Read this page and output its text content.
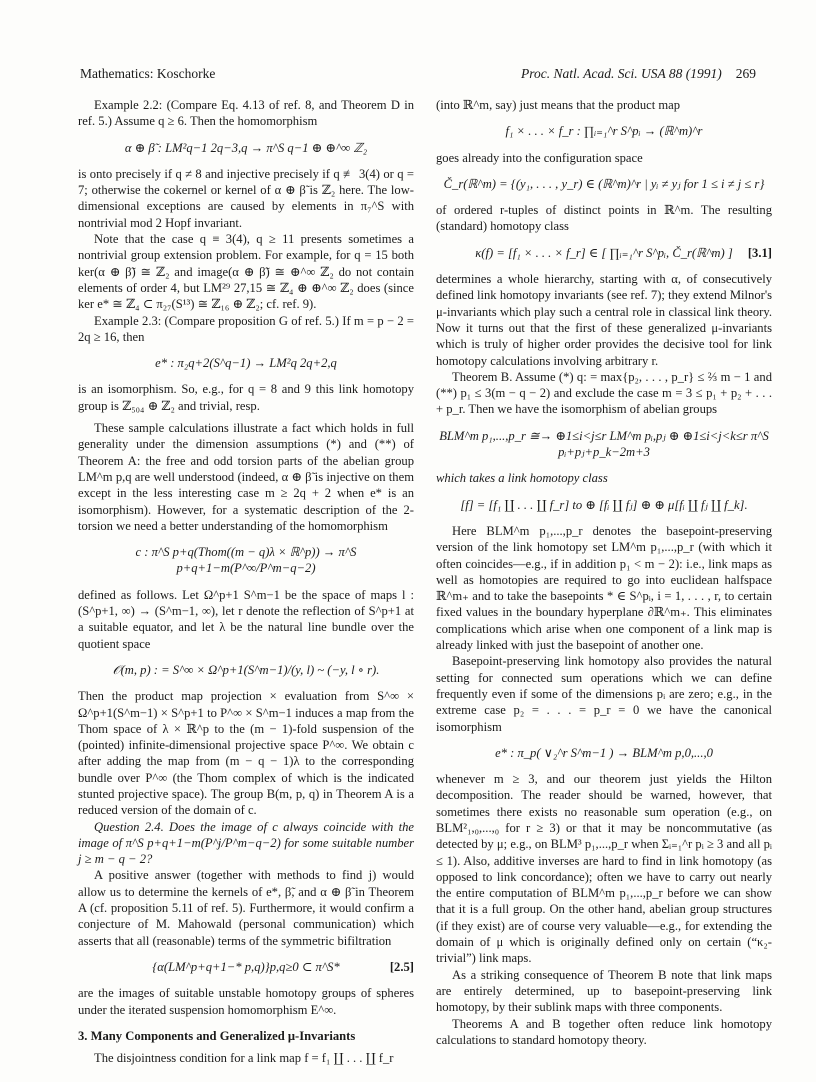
Mathematics: Koschorke	Proc. Natl. Acad. Sci. USA 88 (1991) 269

Example 2.2: (Compare Eq. 4.13 of ref. 8, and Theorem D in ref. 5.) Assume q ≥ 6. Then the homomorphism

α ⊕ β̃ : LM²q−1 2q−3,q → π^S q−1 ⊕ ⊕^∞ ℤ₂

is onto precisely if q ≠ 8 and injective precisely if q ≢ 3(4) or q = 7; otherwise the cokernel or kernel of α ⊕ β̃ is ℤ₂ here. The low-dimensional exceptions are caused by elements in π₇^S with nontrivial mod 2 Hopf invariant.

Note that the case q ≡ 3(4), q ≥ 11 presents sometimes a nontrivial group extension problem. For example, for q = 15 both ker(α ⊕ β̃) ≅ ℤ₂ and image(α ⊕ β̃) ≅ ⊕^∞ ℤ₂ do not contain elements of order 4, but LM²⁹ 27,15 ≅ ℤ₄ ⊕ ⊕^∞ ℤ₂ does (since ker e* ≅ ℤ₄ ⊂ π₂₇(S¹³) ≅ ℤ₁₆ ⊕ ℤ₂; cf. ref. 9).

Example 2.3: (Compare proposition G of ref. 5.) If m = p − 2 = 2q ≥ 16, then

e* : π₂q+2(S^q−1) → LM²q 2q+2,q

is an isomorphism. So, e.g., for q = 8 and 9 this link homotopy group is ℤ₅₀₄ ⊕ ℤ₂ and trivial, resp.

These sample calculations illustrate a fact which holds in full generality under the dimension assumptions (*) and (**) of Theorem A: the free and odd torsion parts of the abelian group LM^m p,q are well understood (indeed, α ⊕ β̃ is injective on them except in the less interesting case m ≥ 2q + 2 when e* is an isomorphism). However, for a systematic description of the 2-torsion we need a better understanding of the homomorphism

c : π^S p+q(Thom((m − q)λ × ℝ^p)) → π^S p+q+1−m(P^∞/P^m−q−2)

defined as follows. Let Ω^p+1 S^m−1 be the space of maps l : (S^p+1, ∞) → (S^m−1, ∞), let r denote the reflection of S^p+1 at a suitable equator, and let λ be the natural line bundle over the quotient space

𝒪(m, p) : = S^∞ × Ω^p+1(S^m−1)/(y, l) ~ (−y, l ∘ r).

Then the product map projection × evaluation from S^∞ × Ω^p+1(S^m−1) × S^p+1 to P^∞ × S^m−1 induces a map from the Thom space of λ × ℝ^p to the (m − 1)-fold suspension of the (pointed) infinite-dimensional projective space P^∞. We obtain c after adding the map from (m − q − 1)λ to the corresponding bundle over P^∞ (the Thom complex of which is the indicated stunted projective space). The group B(m, p, q) in Theorem A is a reduced version of the domain of c.

Question 2.4. Does the image of c always coincide with the image of π^S p+q+1−m(P^j/P^m−q−2) for some suitable number j ≥ m − q − 2?

A positive answer (together with methods to find j) would allow us to determine the kernels of e*, β̃, and α ⊕ β̃ in Theorem A (cf. proposition 5.11 of ref. 5). Furthermore, it would confirm a conjecture of M. Mahowald (personal communication) which asserts that all (reasonable) terms of the symmetric bifiltration

{α(LM^p+q+1−* p,q)}p,q≥0 ⊂ π^S*	[2.5]

are the images of suitable unstable homotopy groups of spheres under the iterated suspension homomorphism E^∞.

3. Many Components and Generalized μ-Invariants

The disjointness condition for a link map f = f₁ ∐ . . . ∐ f_r

(into ℝ^m, say) just means that the product map

f₁ × . . . × f_r : ∏ᵢ₌₁^r S^pᵢ → (ℝ^m)^r

goes already into the configuration space

Č_r(ℝ^m) = {(y₁, . . . , y_r) ∈ (ℝ^m)^r | yᵢ ≠ yⱼ for 1 ≤ i ≠ j ≤ r}

of ordered r-tuples of distinct points in ℝ^m. The resulting (standard) homotopy class

κ(f) = [f₁ × . . . × f_r] ∈ [ ∏ᵢ₌₁^r S^pᵢ, Č_r(ℝ^m) ] [3.1]

determines a whole hierarchy, starting with α, of consecutively defined link homotopy invariants (see ref. 7); they extend Milnor's μ-invariants which play such a central role in classical link theory. Now it turns out that the first of these generalized μ-invariants which is truly of higher order provides the decisive tool for link homotopy calculations involving arbitrary r.

Theorem B. Assume (*) q: = max{p₂, . . . , p_r} ≤ ⅔ m − 1 and (**) p₁ ≤ 3(m − q − 2) and exclude the case m = 3 ≤ p₁ + p₂ + . . . + p_r. Then we have the isomorphism of abelian groups

BLM^m p₁,...,p_r ≅→ ⊕1≤i<j≤r LM^m pᵢ,pⱼ ⊕ ⊕1≤i<j<k≤r π^S pᵢ+pⱼ+p_k−2m+3

which takes a link homotopy class

[f] = [f₁ ∐ . . . ∐ f_r] to ⊕ [fᵢ ∐ fⱼ] ⊕ ⊕ μ[fᵢ ∐ fⱼ ∐ f_k].

Here BLM^m p₁,...,p_r denotes the basepoint-preserving version of the link homotopy set LM^m p₁,...,p_r (with which it often coincides—e.g., if in addition p₁ < m − 2): i.e., link maps as well as homotopies are required to go into euclidean halfspace ℝ^m₊ and to take the basepoints * ∈ S^pᵢ, i = 1, . . . , r, to certain fixed values in the boundary hyperplane ∂ℝ^m₊. This eliminates complications which arise when one component of a link map is already linked with just the basepoint of another one.

Basepoint-preserving link homotopy also provides the natural setting for connected sum operations which we can define frequently even if some of the dimensions pᵢ are zero; e.g., in the extreme case p₂ = . . . = p_r = 0 we have the canonical isomorphism

e* : π_p( ∨₂^r S^m−1 ) → BLM^m p,0,...,0

whenever m ≥ 3, and our theorem just yields the Hilton decomposition. The reader should be warned, however, that sometimes there exists no reasonable sum operation (e.g., on BLM²₁,₀,...,₀ for r ≥ 3) or that it may be noncommutative (as detected by μ; e.g., on BLM³ p₁,...,p_r when Σᵢ₌₁^r pᵢ ≥ 3 and all pᵢ ≤ 1). Also, additive inverses are hard to find in link homotopy (as opposed to link concordance); often we have to carry out nearly the entire computation of BLM^m p₁,...,p_r before we can show that it is a full group. On the other hand, abelian group structures (if they exist) are of course very valuable—e.g., for extending the domain of μ which is originally defined only on certain (“κ₂-trivial”) link maps.

As a striking consequence of Theorem B note that link maps are entirely determined, up to basepoint-preserving link homotopy, by their sublink maps with three components.

Theorems A and B together often reduce link homotopy calculations to standard homotopy theory.
